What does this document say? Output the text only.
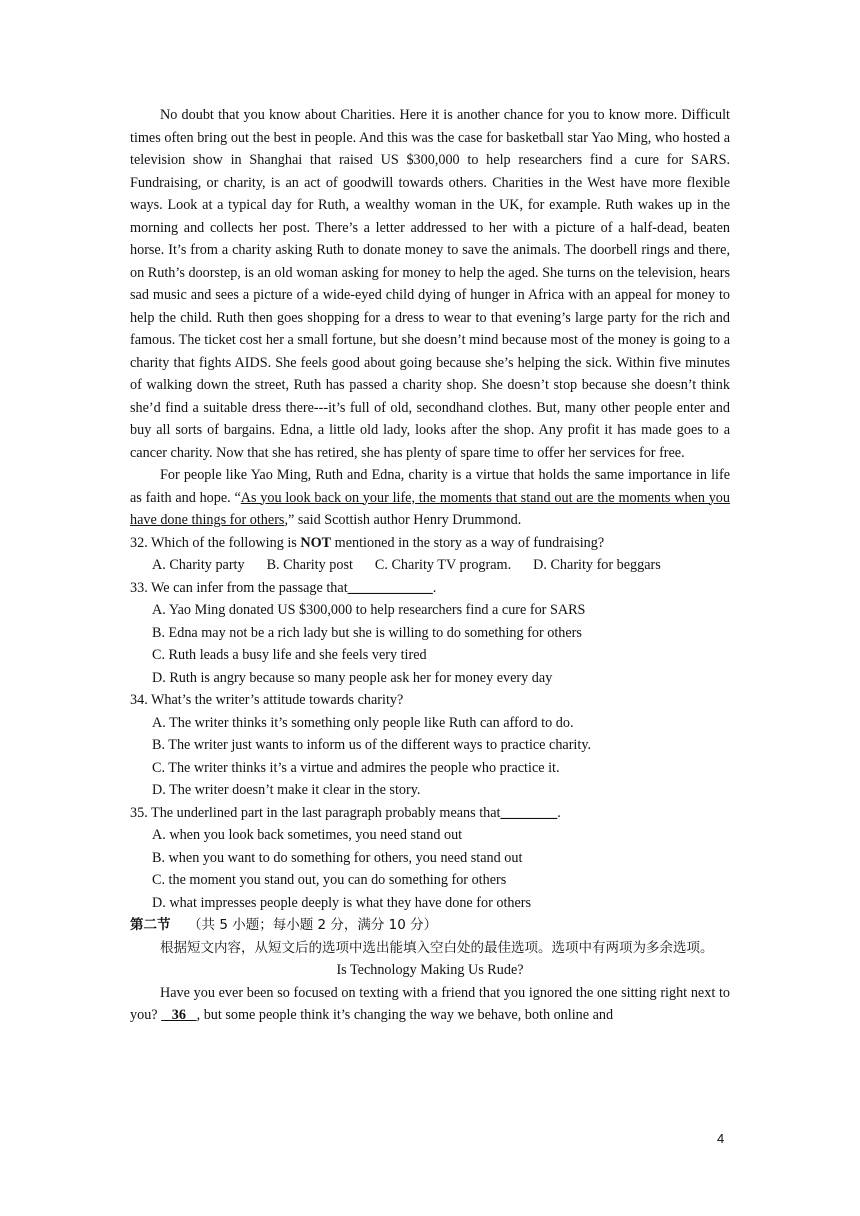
No doubt that you know about Charities. Here it is another chance for you to know more. Difficult times often bring out the best in people. And this was the case for basketball star Yao Ming, who hosted a television show in Shanghai that raised US $300,000 to help researchers find a cure for SARS. Fundraising, or charity, is an act of goodwill towards others. Charities in the West have more flexible ways. Look at a typical day for Ruth, a wealthy woman in the UK, for example. Ruth wakes up in the morning and collects her post. There’s a letter addressed to her with a picture of a half-dead, beaten horse. It’s from a charity asking Ruth to donate money to save the animals. The doorbell rings and there, on Ruth’s doorstep, is an old woman asking for money to help the aged. She turns on the television, hears sad music and sees a picture of a wide-eyed child dying of hunger in Africa with an appeal for money to help the child. Ruth then goes shopping for a dress to wear to that evening’s large party for the rich and famous. The ticket cost her a small fortune, but she doesn’t mind because most of the money is going to a charity that fights AIDS. She feels good about going because she’s helping the sick. Within five minutes of walking down the street, Ruth has passed a charity shop. She doesn’t stop because she doesn’t think she’d find a suitable dress there---it’s full of old, secondhand clothes. But, many other people enter and buy all sorts of bargains. Edna, a little old lady, looks after the shop. Any profit it has made goes to a cancer charity. Now that she has retired, she has plenty of spare time to offer her services for free.

For people like Yao Ming, Ruth and Edna, charity is a virtue that holds the same importance in life as faith and hope. “As you look back on your life, the moments that stand out are the moments when you have done things for others,” said Scottish author Henry Drummond.

32. Which of the following is NOT mentioned in the story as a way of fundraising?

A. Charity party B. Charity post C. Charity TV program. D. Charity for beggars

33. We can infer from the passage that____________.

A. Yao Ming donated US $300,000 to help researchers find a cure for SARS

B. Edna may not be a rich lady but she is willing to do something for others

C. Ruth leads a busy life and she feels very tired

D. Ruth is angry because so many people ask her for money every day

34. What’s the writer’s attitude towards charity?

A. The writer thinks it’s something only people like Ruth can afford to do.

B. The writer just wants to inform us of the different ways to practice charity.

C. The writer thinks it’s a virtue and admires the people who practice it.

D. The writer doesn’t make it clear in the story.

35. The underlined part in the last paragraph probably means that________.

A. when you look back sometimes, you need stand out

B. when you want to do something for others, you need stand out

C. the moment you stand out, you can do something for others

D. what impresses people deeply is what they have done for others

第二节 （共 5 小题；每小题 2 分，满分 10 分）

根据短文内容，从短文后的选项中选出能填入空白处的最佳选项。选项中有两项为多余选项。

Is Technology Making Us Rude?

Have you ever been so focused on texting with a friend that you ignored the one sitting right next to you?    36   , but some people think it’s changing the way we behave, both online and

4
